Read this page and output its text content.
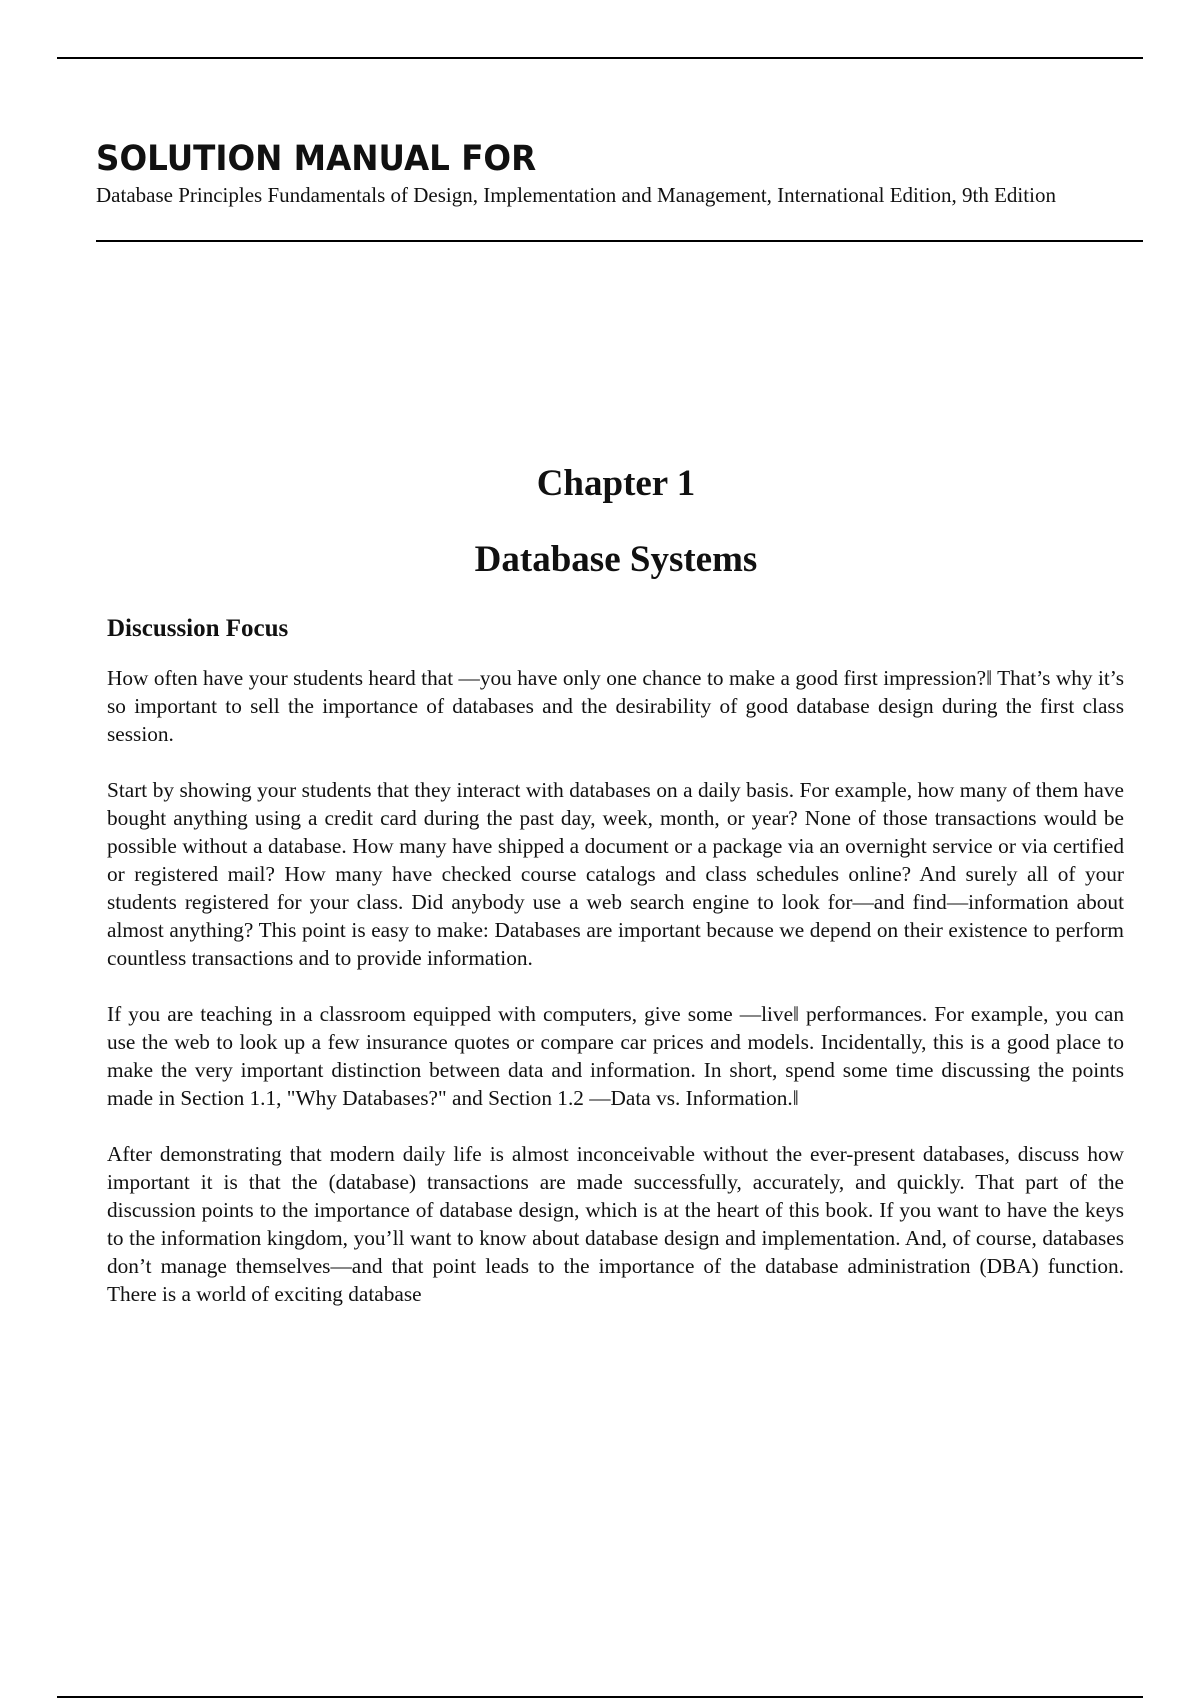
SOLUTION MANUAL FOR
Database Principles Fundamentals of Design, Implementation and Management, International Edition, 9th Edition
Chapter 1
Database Systems
Discussion Focus

How often have your students heard that ―you have only one chance to make a good first impression?‖ That’s why it’s so important to sell the importance of databases and the desirability of good database design during the first class session.

Start by showing your students that they interact with databases on a daily basis. For example, how many of them have bought anything using a credit card during the past day, week, month, or year? None of those transactions would be possible without a database. How many have shipped a document or a package via an overnight service or via certified or registered mail? How many have checked course catalogs and class schedules online? And surely all of your students registered for your class. Did anybody use a web search engine to look for—and find—information about almost anything? This point is easy to make: Databases are important because we depend on their existence to perform countless transactions and to provide information.

If you are teaching in a classroom equipped with computers, give some ―live‖ performances. For example, you can use the web to look up a few insurance quotes or compare car prices and models. Incidentally, this is a good place to make the very important distinction between data and information. In short, spend some time discussing the points made in Section 1.1, "Why Databases?" and Section 1.2 ―Data vs. Information.‖

After demonstrating that modern daily life is almost inconceivable without the ever-present databases, discuss how important it is that the (database) transactions are made successfully, accurately, and quickly. That part of the discussion points to the importance of database design, which is at the heart of this book. If you want to have the keys to the information kingdom, you’ll want to know about database design and implementation. And, of course, databases don’t manage themselves—and that point leads to the importance of the database administration (DBA) function. There is a world of exciting database
